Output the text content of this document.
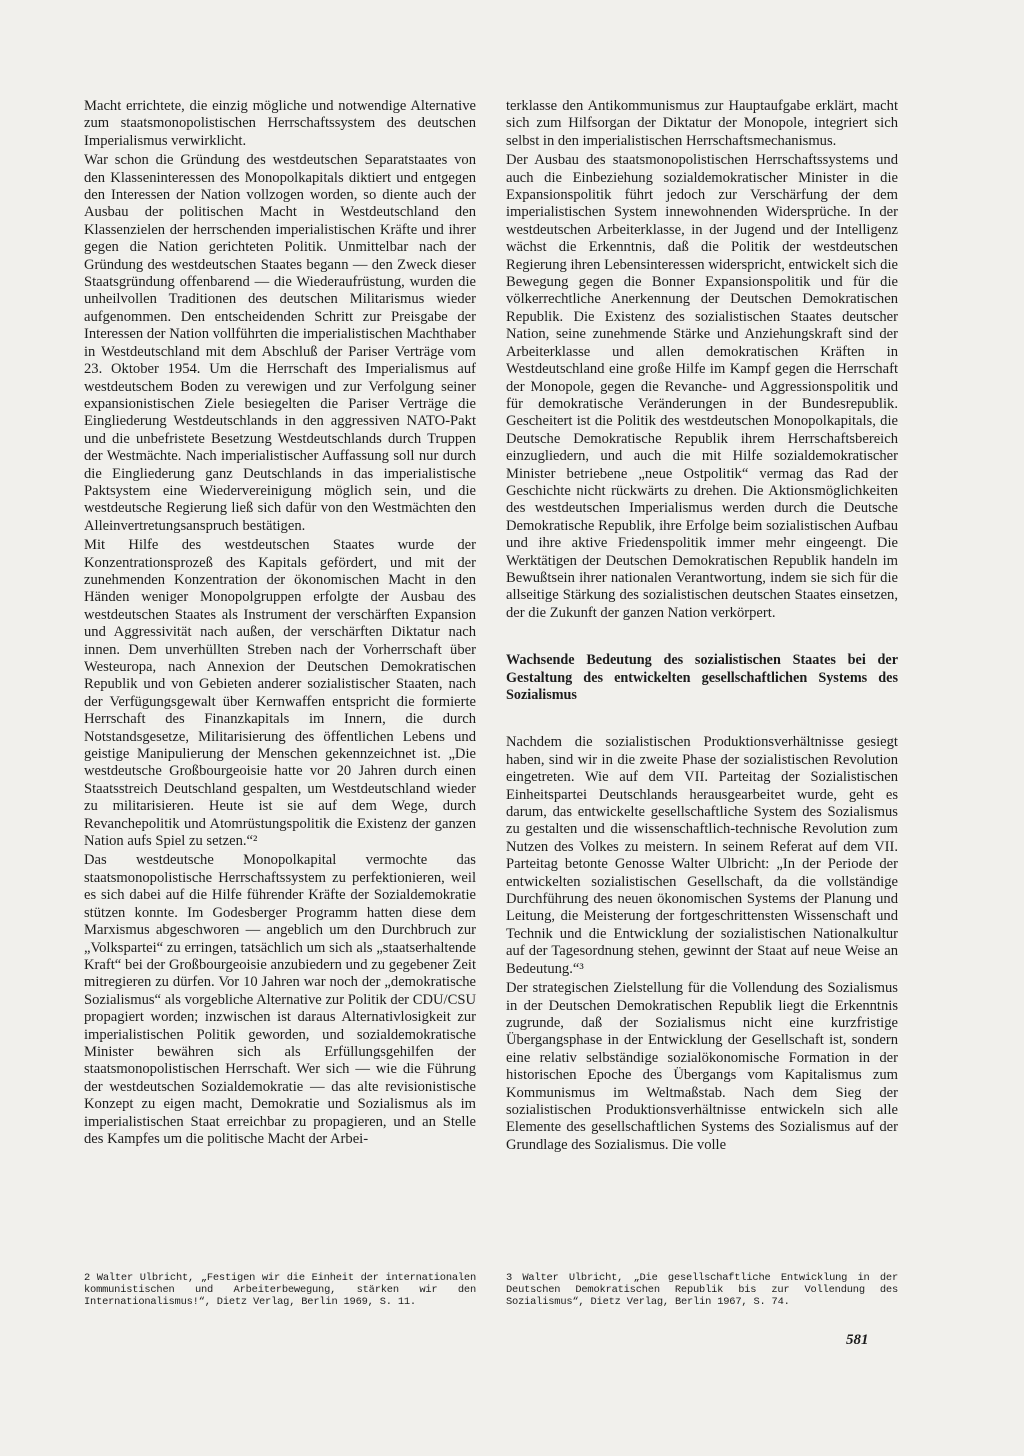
Macht errichtete, die einzig mögliche und notwendige Alternative zum staatsmonopolistischen Herrschaftssystem des deutschen Imperialismus verwirklicht.

War schon die Gründung des westdeutschen Separatstaates von den Klasseninteressen des Monopolkapitals diktiert und entgegen den Interessen der Nation vollzogen worden, so diente auch der Ausbau der politischen Macht in Westdeutschland den Klassenzielen der herrschenden imperialistischen Kräfte und ihrer gegen die Nation gerichteten Politik. Unmittelbar nach der Gründung des westdeutschen Staates begann — den Zweck dieser Staatsgründung offenbarend — die Wiederaufrüstung, wurden die unheilvollen Traditionen des deutschen Militarismus wieder aufgenommen. Den entscheidenden Schritt zur Preisgabe der Interessen der Nation vollführten die imperialistischen Machthaber in Westdeutschland mit dem Abschluß der Pariser Verträge vom 23. Oktober 1954. Um die Herrschaft des Imperialismus auf westdeutschem Boden zu verewigen und zur Verfolgung seiner expansionistischen Ziele besiegelten die Pariser Verträge die Eingliederung Westdeutschlands in den aggressiven NATO-Pakt und die unbefristete Besetzung Westdeutschlands durch Truppen der Westmächte. Nach imperialistischer Auffassung soll nur durch die Eingliederung ganz Deutschlands in das imperialistische Paktsystem eine Wiedervereinigung möglich sein, und die westdeutsche Regierung ließ sich dafür von den Westmächten den Alleinvertretungsanspruch bestätigen.

Mit Hilfe des westdeutschen Staates wurde der Konzentrationsprozeß des Kapitals gefördert, und mit der zunehmenden Konzentration der ökonomischen Macht in den Händen weniger Monopolgruppen erfolgte der Ausbau des westdeutschen Staates als Instrument der verschärften Expansion und Aggressivität nach außen, der verschärften Diktatur nach innen. Dem unverhüllten Streben nach der Vorherrschaft über Westeuropa, nach Annexion der Deutschen Demokratischen Republik und von Gebieten anderer sozialistischer Staaten, nach der Verfügungsgewalt über Kernwaffen entspricht die formierte Herrschaft des Finanzkapitals im Innern, die durch Notstandsgesetze, Militarisierung des öffentlichen Lebens und geistige Manipulierung der Menschen gekennzeichnet ist. „Die westdeutsche Großbourgeoisie hatte vor 20 Jahren durch einen Staatsstreich Deutschland gespalten, um Westdeutschland wieder zu militarisieren. Heute ist sie auf dem Wege, durch Revanchepolitik und Atomrüstungspolitik die Existenz der ganzen Nation aufs Spiel zu setzen.“²

Das westdeutsche Monopolkapital vermochte das staatsmonopolistische Herrschaftssystem zu perfektionieren, weil es sich dabei auf die Hilfe führender Kräfte der Sozialdemokratie stützen konnte. Im Godesberger Programm hatten diese dem Marxismus abgeschworen — angeblich um den Durchbruch zur „Volkspartei“ zu erringen, tatsächlich um sich als „staatserhaltende Kraft“ bei der Großbourgeoisie anzubiedern und zu gegebener Zeit mitregieren zu dürfen. Vor 10 Jahren war noch der „demokratische Sozialismus“ als vorgebliche Alternative zur Politik der CDU/CSU propagiert worden; inzwischen ist daraus Alternativlosigkeit zur imperialistischen Politik geworden, und sozialdemokratische Minister bewähren sich als Erfüllungsgehilfen der staatsmonopolistischen Herrschaft. Wer sich — wie die Führung der westdeutschen Sozialdemokratie — das alte revisionistische Konzept zu eigen macht, Demokratie und Sozialismus als im imperialistischen Staat erreichbar zu propagieren, und an Stelle des Kampfes um die politische Macht der Arbei-

terklasse den Antikommunismus zur Hauptaufgabe erklärt, macht sich zum Hilfsorgan der Diktatur der Monopole, integriert sich selbst in den imperialistischen Herrschaftsmechanismus.

Der Ausbau des staatsmonopolistischen Herrschaftssystems und auch die Einbeziehung sozialdemokratischer Minister in die Expansionspolitik führt jedoch zur Verschärfung der dem imperialistischen System innewohnenden Widersprüche. In der westdeutschen Arbeiterklasse, in der Jugend und der Intelligenz wächst die Erkenntnis, daß die Politik der westdeutschen Regierung ihren Lebensinteressen widerspricht, entwickelt sich die Bewegung gegen die Bonner Expansionspolitik und für die völkerrechtliche Anerkennung der Deutschen Demokratischen Republik. Die Existenz des sozialistischen Staates deutscher Nation, seine zunehmende Stärke und Anziehungskraft sind der Arbeiterklasse und allen demokratischen Kräften in Westdeutschland eine große Hilfe im Kampf gegen die Herrschaft der Monopole, gegen die Revanche- und Aggressionspolitik und für demokratische Veränderungen in der Bundesrepublik. Gescheitert ist die Politik des westdeutschen Monopolkapitals, die Deutsche Demokratische Republik ihrem Herrschaftsbereich einzugliedern, und auch die mit Hilfe sozialdemokratischer Minister betriebene „neue Ostpolitik“ vermag das Rad der Geschichte nicht rückwärts zu drehen. Die Aktionsmöglichkeiten des westdeutschen Imperialismus werden durch die Deutsche Demokratische Republik, ihre Erfolge beim sozialistischen Aufbau und ihre aktive Friedenspolitik immer mehr eingeengt. Die Werktätigen der Deutschen Demokratischen Republik handeln im Bewußtsein ihrer nationalen Verantwortung, indem sie sich für die allseitige Stärkung des sozialistischen deutschen Staates einsetzen, der die Zukunft der ganzen Nation verkörpert.

Wachsende Bedeutung des sozialistischen Staates bei der Gestaltung des entwickelten gesellschaftlichen Systems des Sozialismus

Nachdem die sozialistischen Produktionsverhältnisse gesiegt haben, sind wir in die zweite Phase der sozialistischen Revolution eingetreten. Wie auf dem VII. Parteitag der Sozialistischen Einheitspartei Deutschlands herausgearbeitet wurde, geht es darum, das entwickelte gesellschaftliche System des Sozialismus zu gestalten und die wissenschaftlich-technische Revolution zum Nutzen des Volkes zu meistern. In seinem Referat auf dem VII. Parteitag betonte Genosse Walter Ulbricht: „In der Periode der entwickelten sozialistischen Gesellschaft, da die vollständige Durchführung des neuen ökonomischen Systems der Planung und Leitung, die Meisterung der fortgeschrittensten Wissenschaft und Technik und die Entwicklung der sozialistischen Nationalkultur auf der Tagesordnung stehen, gewinnt der Staat auf neue Weise an Bedeutung.“³

Der strategischen Zielstellung für die Vollendung des Sozialismus in der Deutschen Demokratischen Republik liegt die Erkenntnis zugrunde, daß der Sozialismus nicht eine kurzfristige Übergangsphase in der Entwicklung der Gesellschaft ist, sondern eine relativ selbständige sozialökonomische Formation in der historischen Epoche des Übergangs vom Kapitalismus zum Kommunismus im Weltmaßstab. Nach dem Sieg der sozialistischen Produktionsverhältnisse entwickeln sich alle Elemente des gesellschaftlichen Systems des Sozialismus auf der Grundlage des Sozialismus. Die volle

2 Walter Ulbricht, „Festigen wir die Einheit der internationalen kommunistischen und Arbeiterbewegung, stärken wir den Internationalismus!“, Dietz Verlag, Berlin 1969, S. 11.
3 Walter Ulbricht, „Die gesellschaftliche Entwicklung in der Deutschen Demokratischen Republik bis zur Vollendung des Sozialismus“, Dietz Verlag, Berlin 1967, S. 74.
581
